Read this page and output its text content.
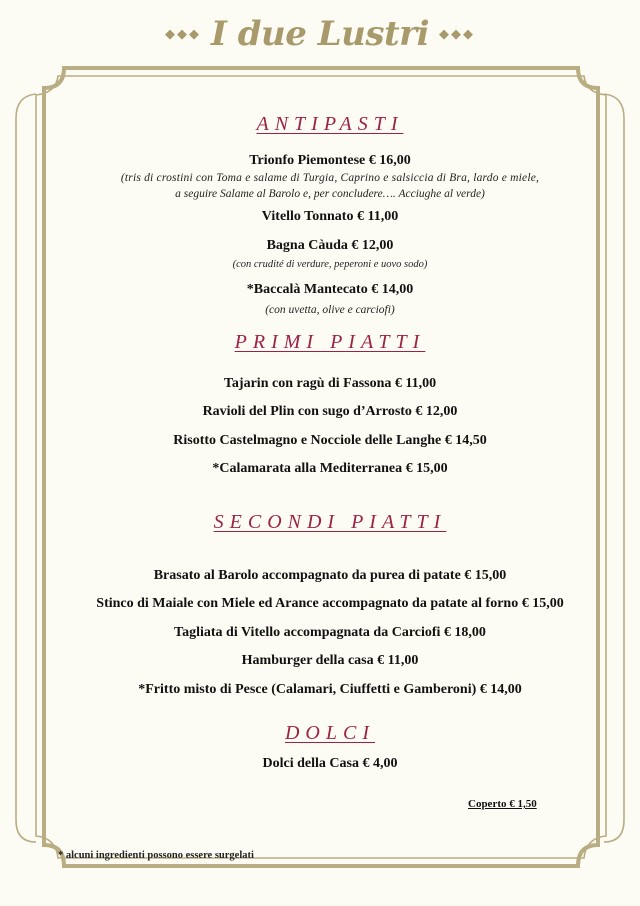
◆◆◆ I due Lustri ◆◆◆

ANTIPASTI

Trionfo Piemontese € 16,00

(tris di crostini con Toma e salame di Turgia, Caprino e salsiccia di Bra, lardo e miele,

a seguire Salame al Barolo e, per concludere…. Acciughe al verde)

Vitello Tonnato € 11,00

Bagna Càuda € 12,00

(con crudité di verdure, peperoni e uovo sodo)

*Baccalà Mantecato € 14,00

(con uvetta, olive e carciofi)

PRIMI PIATTI

Tajarin con ragù di Fassona € 11,00

Ravioli del Plin con sugo d’Arrosto € 12,00

Risotto Castelmagno e Nocciole delle Langhe € 14,50

*Calamarata alla Mediterranea € 15,00

SECONDI PIATTI

Brasato al Barolo accompagnato da purea di patate € 15,00

Stinco di Maiale con Miele ed Arance accompagnato da patate al forno € 15,00

Tagliata di Vitello accompagnata da Carciofi € 18,00

Hamburger della casa € 11,00

*Fritto misto di Pesce (Calamari, Ciuffetti e Gamberoni) € 14,00

DOLCI

Dolci della Casa € 4,00

Coperto € 1,50
* alcuni ingredienti possono essere surgelati
